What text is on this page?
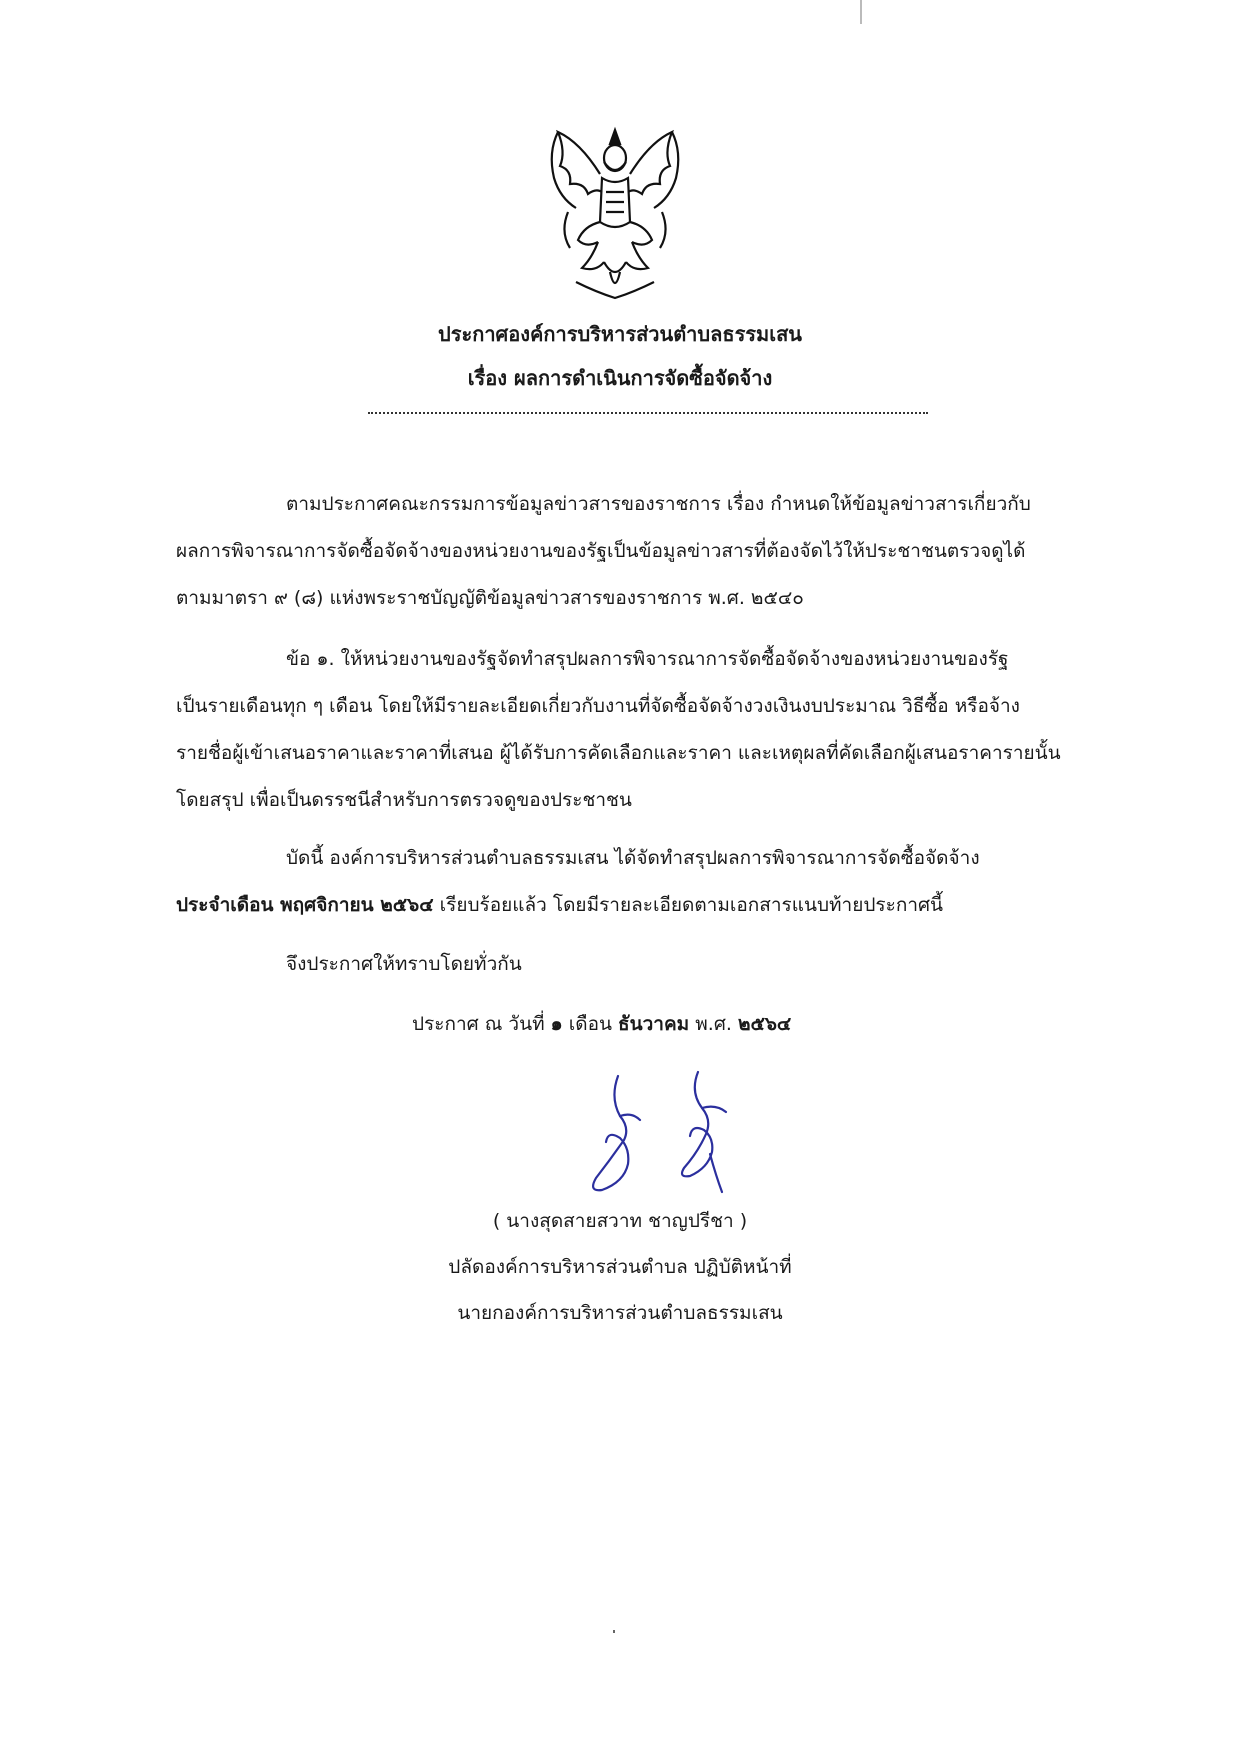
ประกาศองค์การบริหารส่วนตำบลธรรมเสน
เรื่อง ผลการดำเนินการจัดซื้อจัดจ้าง
ตามประกาศคณะกรรมการข้อมูลข่าวสารของราชการ เรื่อง กำหนดให้ข้อมูลข่าวสารเกี่ยวกับ
ผลการพิจารณาการจัดซื้อจัดจ้างของหน่วยงานของรัฐเป็นข้อมูลข่าวสารที่ต้องจัดไว้ให้ประชาชนตรวจดูได้
ตามมาตรา ๙ (๘) แห่งพระราชบัญญัติข้อมูลข่าวสารของราชการ พ.ศ. ๒๕๔๐
ข้อ ๑. ให้หน่วยงานของรัฐจัดทำสรุปผลการพิจารณาการจัดซื้อจัดจ้างของหน่วยงานของรัฐ
เป็นรายเดือนทุก ๆ เดือน โดยให้มีรายละเอียดเกี่ยวกับงานที่จัดซื้อจัดจ้างวงเงินงบประมาณ วิธีซื้อ หรือจ้าง
รายชื่อผู้เข้าเสนอราคาและราคาที่เสนอ ผู้ได้รับการคัดเลือกและราคา และเหตุผลที่คัดเลือกผู้เสนอราคารายนั้น
โดยสรุป เพื่อเป็นดรรชนีสำหรับการตรวจดูของประชาชน
บัดนี้ องค์การบริหารส่วนตำบลธรรมเสน ได้จัดทำสรุปผลการพิจารณาการจัดซื้อจัดจ้าง
ประจำเดือน พฤศจิกายน ๒๕๖๔ เรียบร้อยแล้ว โดยมีรายละเอียดตามเอกสารแนบท้ายประกาศนี้
จึงประกาศให้ทราบโดยทั่วกัน
ประกาศ ณ วันที่ ๑ เดือน ธันวาคม พ.ศ. ๒๕๖๔
( นางสุดสายสวาท ชาญปรีชา )
ปลัดองค์การบริหารส่วนตำบล ปฏิบัติหน้าที่
นายกองค์การบริหารส่วนตำบลธรรมเสน
